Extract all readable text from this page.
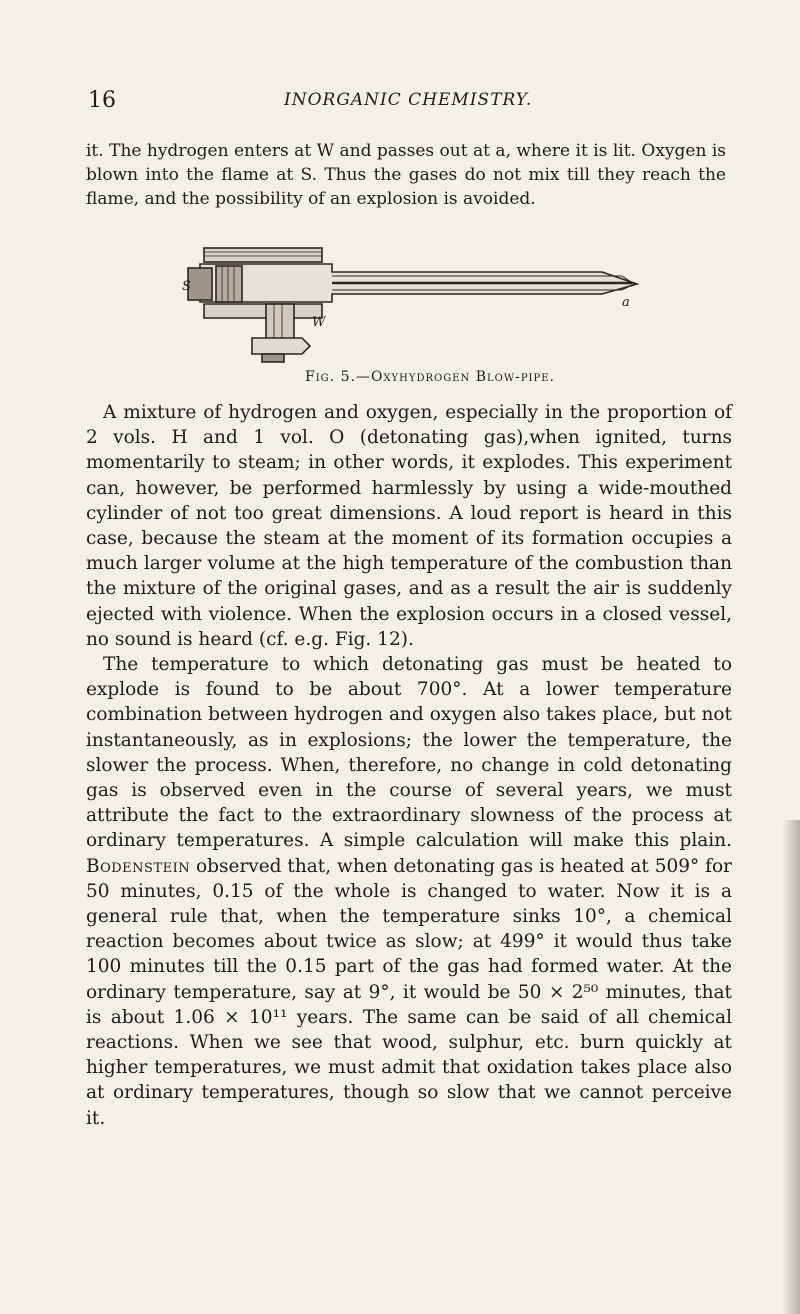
16	INORGANIC CHEMISTRY.

it. The hydrogen enters at W and passes out at a, where it is lit. Oxygen is blown into the flame at S. Thus the gases do not mix till they reach the flame, and the possibility of an explosion is avoided.

S
W
a
Fig. 5.—Oxyhydrogen Blow-pipe.

A mixture of hydrogen and oxygen, especially in the proportion of 2 vols. H and 1 vol. O (detonating gas),when ignited, turns momentarily to steam; in other words, it explodes. This experiment can, however, be performed harmlessly by using a wide-mouthed cylinder of not too great dimensions. A loud report is heard in this case, because the steam at the moment of its formation occupies a much larger volume at the high temperature of the combustion than the mixture of the original gases, and as a result the air is suddenly ejected with violence. When the explosion occurs in a closed vessel, no sound is heard (cf. e.g. Fig. 12).

The temperature to which detonating gas must be heated to explode is found to be about 700°. At a lower temperature combination between hydrogen and oxygen also takes place, but not instantaneously, as in explosions; the lower the temperature, the slower the process. When, therefore, no change in cold detonating gas is observed even in the course of several years, we must attribute the fact to the extraordinary slowness of the process at ordinary temperatures. A simple calculation will make this plain. Bodenstein observed that, when detonating gas is heated at 509° for 50 minutes, 0.15 of the whole is changed to water. Now it is a general rule that, when the temperature sinks 10°, a chemical reaction becomes about twice as slow; at 499° it would thus take 100 minutes till the 0.15 part of the gas had formed water. At the ordinary temperature, say at 9°, it would be 50 × 2⁵⁰ minutes, that is about 1.06 × 10¹¹ years. The same can be said of all chemical reactions. When we see that wood, sulphur, etc. burn quickly at higher temperatures, we must admit that oxidation takes place also at ordinary temperatures, though so slow that we cannot perceive it.
